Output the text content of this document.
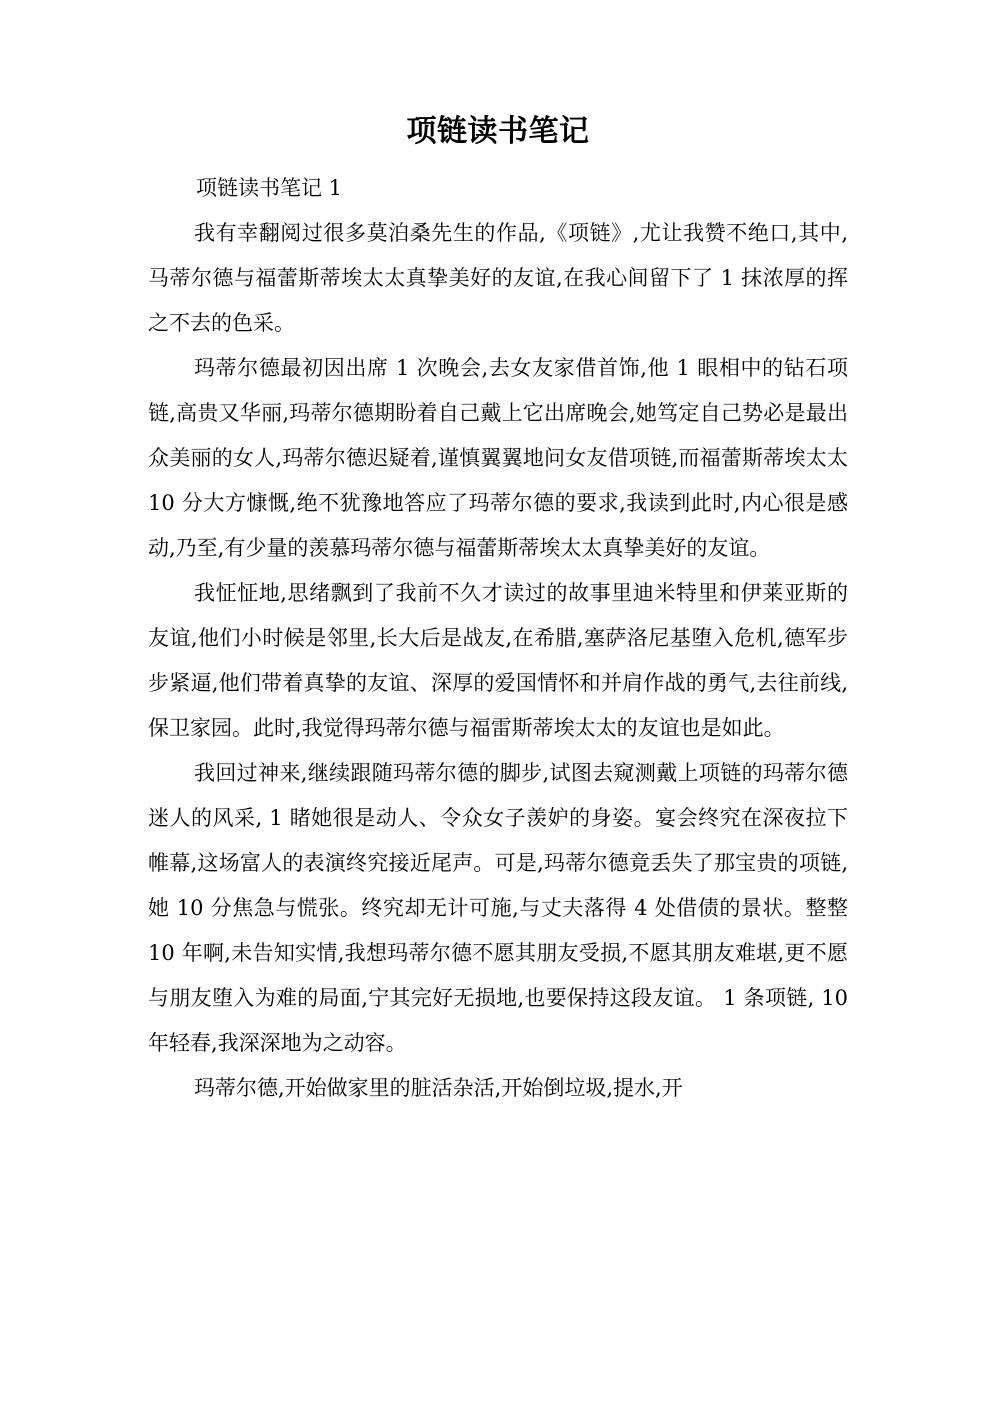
项链读书笔记

项链读书笔记 1

我有幸翻阅过很多莫泊桑先生的作品,《项链》,尤让我赞不绝口,其中,马蒂尔德与福蕾斯蒂埃太太真挚美好的友谊,在我心间留下了 1 抹浓厚的挥之不去的色采。

玛蒂尔德最初因出席 1 次晚会,去女友家借首饰,他 1 眼相中的钻石项链,高贵又华丽,玛蒂尔德期盼着自己戴上它出席晚会,她笃定自己势必是最出众美丽的女人,玛蒂尔德迟疑着,谨慎翼翼地问女友借项链,而福蕾斯蒂埃太太 10 分大方慷慨,绝不犹豫地答应了玛蒂尔德的要求,我读到此时,内心很是感动,乃至,有少量的羡慕玛蒂尔德与福蕾斯蒂埃太太真挚美好的友谊。

我怔怔地,思绪飘到了我前不久才读过的故事里迪米特里和伊莱亚斯的友谊,他们小时候是邻里,长大后是战友,在希腊,塞萨洛尼基堕入危机,德军步步紧逼,他们带着真挚的友谊、深厚的爱国情怀和并肩作战的勇气,去往前线,保卫家园。此时,我觉得玛蒂尔德与福雷斯蒂埃太太的友谊也是如此。

我回过神来,继续跟随玛蒂尔德的脚步,试图去窥测戴上项链的玛蒂尔德迷人的风采, 1 睹她很是动人、令众女子羡妒的身姿。宴会终究在深夜拉下帷幕,这场富人的表演终究接近尾声。可是,玛蒂尔德竟丢失了那宝贵的项链,她 10 分焦急与慌张。终究却无计可施,与丈夫落得 4 处借债的景状。整整 10 年啊,未告知实情,我想玛蒂尔德不愿其朋友受损,不愿其朋友难堪,更不愿与朋友堕入为难的局面,宁其完好无损地,也要保持这段友谊。 1 条项链, 10 年轻春,我深深地为之动容。

玛蒂尔德,开始做家里的脏活杂活,开始倒垃圾,提水,开
